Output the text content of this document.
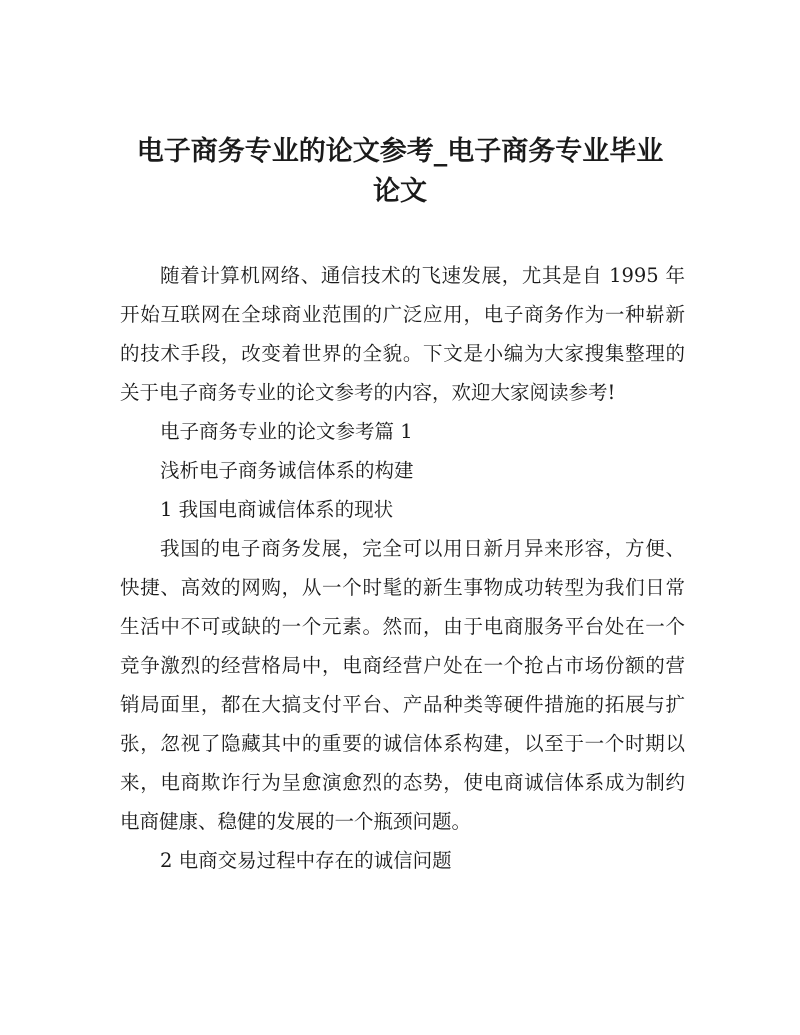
电子商务专业的论文参考_电子商务专业毕业
论文

随着计算机网络、通信技术的飞速发展，尤其是自 1995 年开始互联网在全球商业范围的广泛应用，电子商务作为一种崭新的技术手段，改变着世界的全貌。下文是小编为大家搜集整理的关于电子商务专业的论文参考的内容，欢迎大家阅读参考!

电子商务专业的论文参考篇 1

浅析电子商务诚信体系的构建

1 我国电商诚信体系的现状

我国的电子商务发展，完全可以用日新月异来形容，方便、快捷、高效的网购，从一个时髦的新生事物成功转型为我们日常生活中不可或缺的一个元素。然而，由于电商服务平台处在一个竞争激烈的经营格局中，电商经营户处在一个抢占市场份额的营销局面里，都在大搞支付平台、产品种类等硬件措施的拓展与扩张，忽视了隐藏其中的重要的诚信体系构建，以至于一个时期以来，电商欺诈行为呈愈演愈烈的态势，使电商诚信体系成为制约电商健康、稳健的发展的一个瓶颈问题。

2 电商交易过程中存在的诚信问题
